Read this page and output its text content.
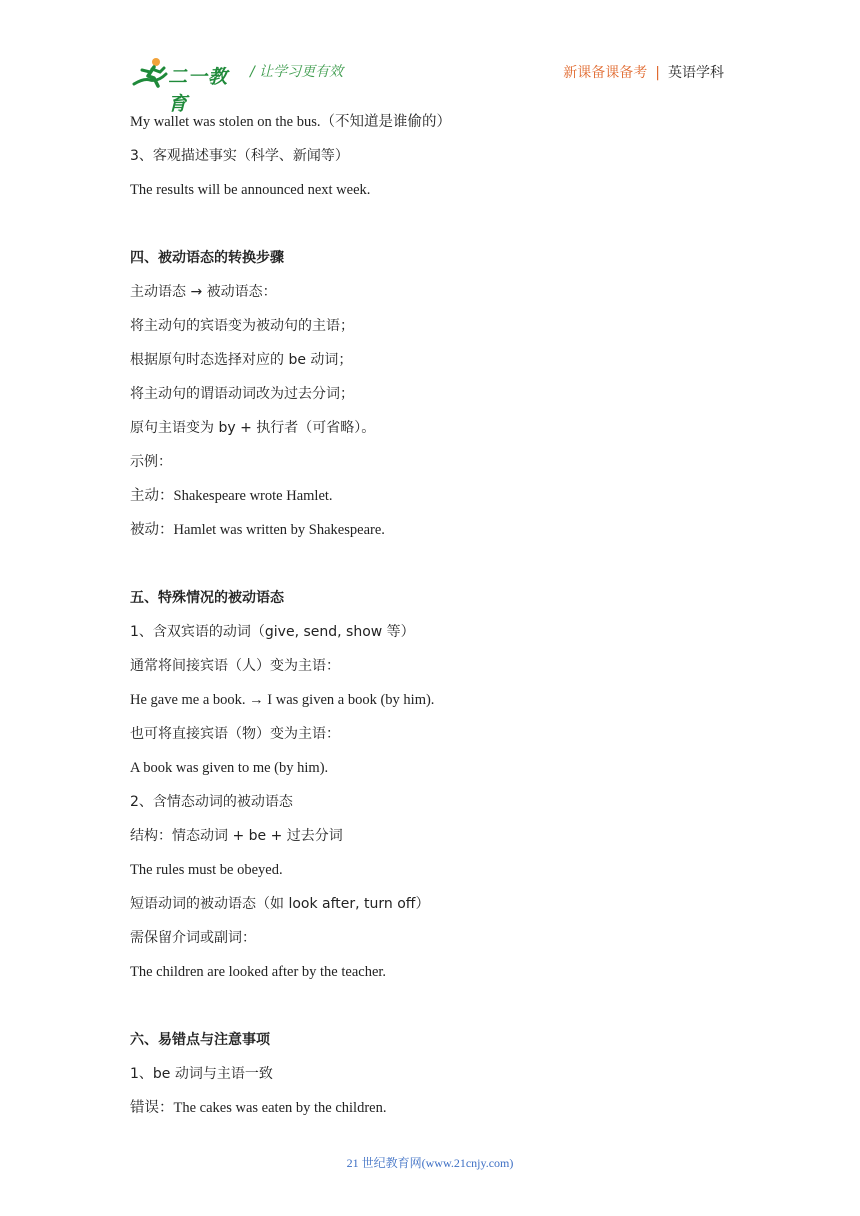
二一教育
/ 让学习更有效	新课备课备考 | 英语学科
My wallet was stolen on the bus.（不知道是谁偷的）
3、客观描述事实（科学、新闻等）
The results will be announced next week.
四、被动语态的转换步骤
主动语态 → 被动语态：
将主动句的宾语变为被动句的主语；
根据原句时态选择对应的 be 动词；
将主动句的谓语动词改为过去分词；
原句主语变为 by + 执行者（可省略）。
示例：
主动：Shakespeare wrote Hamlet.
被动：Hamlet was written by Shakespeare.
五、特殊情况的被动语态
1、含双宾语的动词（give, send, show 等）
通常将间接宾语（人）变为主语：
He gave me a book. → I was given a book (by him).
也可将直接宾语（物）变为主语：
A book was given to me (by him).
2、含情态动词的被动语态
结构：情态动词 + be + 过去分词
The rules must be obeyed.
短语动词的被动语态（如 look after, turn off）
需保留介词或副词：
The children are looked after by the teacher.
六、易错点与注意事项
1、be 动词与主语一致
错误：The cakes was eaten by the children.
21 世纪教育网(www.21cnjy.com)
